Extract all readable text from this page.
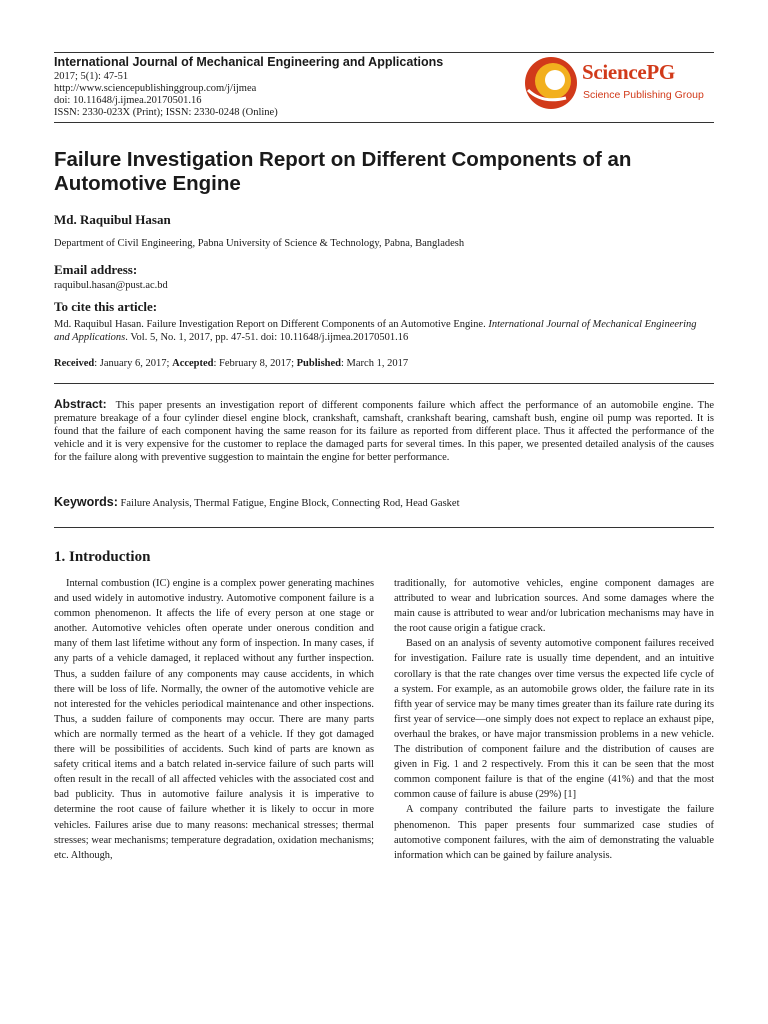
International Journal of Mechanical Engineering and Applications
2017; 5(1): 47-51
http://www.sciencepublishinggroup.com/j/ijmea
doi: 10.11648/j.ijmea.20170501.16
ISSN: 2330-023X (Print); ISSN: 2330-0248 (Online)
SciencePG
Science Publishing Group
Failure Investigation Report on Different Components of an Automotive Engine
Md. Raquibul Hasan
Department of Civil Engineering, Pabna University of Science & Technology, Pabna, Bangladesh
Email address:
raquibul.hasan@pust.ac.bd
To cite this article:
Md. Raquibul Hasan. Failure Investigation Report on Different Components of an Automotive Engine. International Journal of Mechanical Engineering and Applications. Vol. 5, No. 1, 2017, pp. 47-51. doi: 10.11648/j.ijmea.20170501.16
Received: January 6, 2017; Accepted: February 8, 2017; Published: March 1, 2017

Abstract: This paper presents an investigation report of different components failure which affect the performance of an automobile engine. The premature breakage of a four cylinder diesel engine block, crankshaft, camshaft, crankshaft bearing, camshaft bush, engine oil pump was reported. It is found that the failure of each component having the same reason for its failure as reported from different place. Thus it affected the performance of the vehicle and it is very expensive for the customer to replace the damaged parts for several times. In this paper, we presented detailed analysis of the causes for the failure along with preventive suggestion to maintain the engine for better performance.

Keywords: Failure Analysis, Thermal Fatigue, Engine Block, Connecting Rod, Head Gasket
1. Introduction

Internal combustion (IC) engine is a complex power generating machines and used widely in automotive industry. Automotive component failure is a common phenomenon. It affects the life of every person at one stage or another. Automotive vehicles often operate under onerous condition and many of them last lifetime without any form of inspection. In many cases, if any parts of a vehicle damaged, it replaced without any further inspection. Thus, a sudden failure of any components may cause accidents, in which there will be loss of life. Normally, the owner of the automotive vehicle are not interested for the vehicles periodical maintenance and other inspections. Thus, a sudden failure of components may occur. There are many parts which are normally termed as the heart of a vehicle. If they got damaged there will be possibilities of accidents. Such kind of parts are known as safety critical items and a batch related in-service failure of such parts will often result in the recall of all affected vehicles with the associated cost and bad publicity. Thus in automotive failure analysis it is imperative to determine the root cause of failure whether it is likely to occur in more vehicles. Failures arise due to many reasons: mechanical stresses; thermal stresses; wear mechanisms; temperature degradation, oxidation mechanisms; etc. Although,

traditionally, for automotive vehicles, engine component damages are attributed to wear and lubrication sources. And some damages where the main cause is attributed to wear and/or lubrication mechanisms may have in the root cause origin a fatigue crack.

Based on an analysis of seventy automotive component failures received for investigation. Failure rate is usually time dependent, and an intuitive corollary is that the rate changes over time versus the expected life cycle of a system. For example, as an automobile grows older, the failure rate in its fifth year of service may be many times greater than its failure rate during its first year of service—one simply does not expect to replace an exhaust pipe, overhaul the brakes, or have major transmission problems in a new vehicle. The distribution of component failure and the distribution of causes are given in Fig. 1 and 2 respectively. From this it can be seen that the most common component failure is that of the engine (41%) and that the most common cause of failure is abuse (29%) [1]

A company contributed the failure parts to investigate the failure phenomenon. This paper presents four summarized case studies of automotive component failures, with the aim of demonstrating the valuable information which can be gained by failure analysis.
